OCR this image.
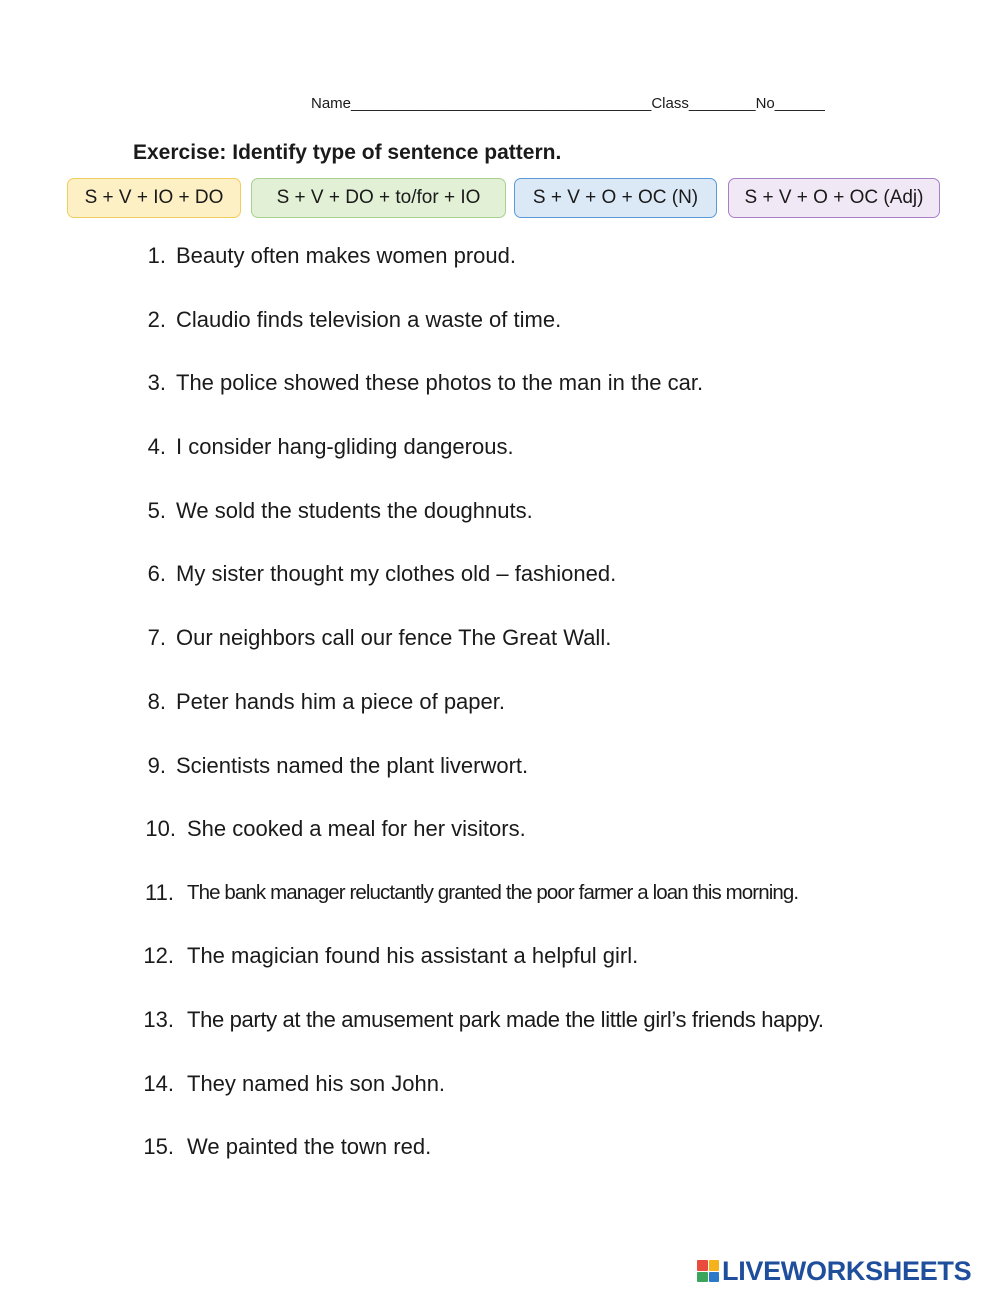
Name____________________________________Class________No______
Exercise: Identify type of sentence pattern.
S + V + IO + DO	S + V + DO + to/for + IO	S + V + O + OC (N)	S + V + O + OC (Adj)
1. Beauty often makes women proud.
2. Claudio finds television a waste of time.
3. The police showed these photos to the man in the car.
4. I consider hang-gliding dangerous.
5. We sold the students the doughnuts.
6. My sister thought my clothes old – fashioned.
7. Our neighbors call our fence The Great Wall.
8. Peter hands him a piece of paper.
9. Scientists named the plant liverwort.
10. She cooked a meal for her visitors.
11. The bank manager reluctantly granted the poor farmer a loan this morning.
12. The magician found his assistant a helpful girl.
13. The party at the amusement park made the little girl’s friends happy.
14. They named his son John.
15. We painted the town red.
LIVEWORKSHEETS
